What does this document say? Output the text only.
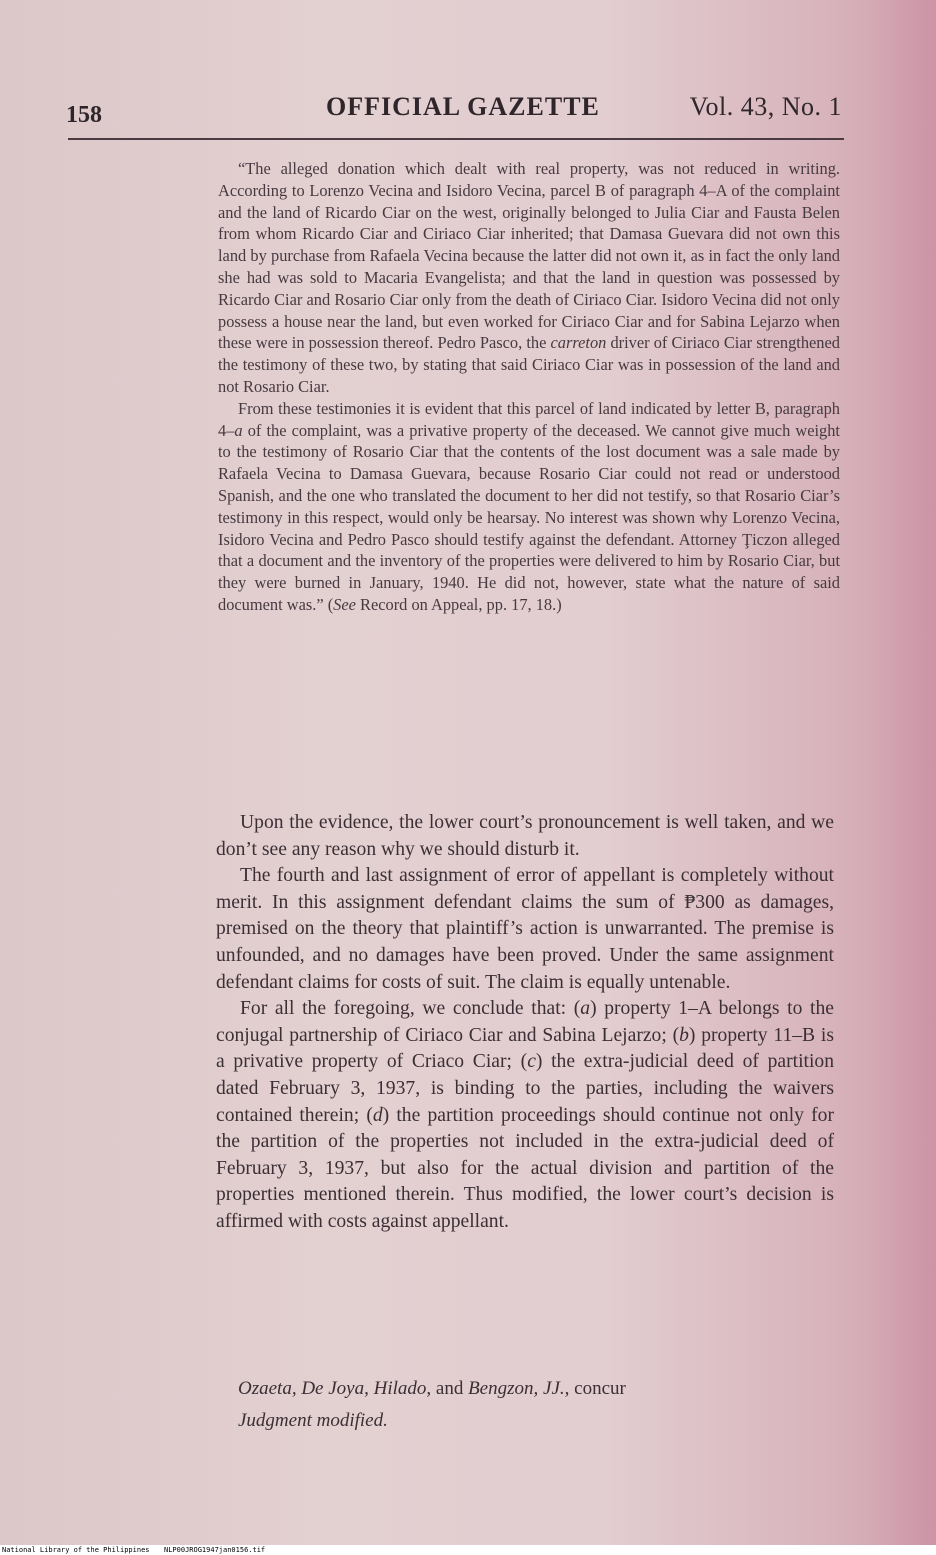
158	OFFICIAL GAZETTE	Vol. 43, No. 1

“The alleged donation which dealt with real property, was not reduced in writing. According to Lorenzo Vecina and Isidoro Vecina, parcel B of paragraph 4–A of the complaint and the land of Ricardo Ciar on the west, originally belonged to Julia Ciar and Fausta Belen from whom Ricardo Ciar and Ciriaco Ciar inherited; that Damasa Guevara did not own this land by purchase from Rafaela Vecina because the latter did not own it, as in fact the only land she had was sold to Macaria Evangelista; and that the land in question was possessed by Ricardo Ciar and Rosario Ciar only from the death of Ciriaco Ciar. Isidoro Vecina did not only possess a house near the land, but even worked for Ciriaco Ciar and for Sabina Lejarzo when these were in possession thereof. Pedro Pasco, the carreton driver of Ciriaco Ciar strengthened the testimony of these two, by stating that said Ciriaco Ciar was in possession of the land and not Rosario Ciar.

From these testimonies it is evident that this parcel of land indicated by letter B, paragraph 4–a of the complaint, was a privative property of the deceased. We cannot give much weight to the testimony of Rosario Ciar that the contents of the lost document was a sale made by Rafaela Vecina to Damasa Guevara, because Rosario Ciar could not read or understood Spanish, and the one who translated the document to her did not testify, so that Rosario Ciar’s testimony in this respect, would only be hearsay. No interest was shown why Lorenzo Vecina, Isidoro Vecina and Pedro Pasco should testify against the defendant. Attorney Ţiczon alleged that a document and the inventory of the properties were delivered to him by Rosario Ciar, but they were burned in January, 1940. He did not, however, state what the nature of said document was.” (See Record on Appeal, pp. 17, 18.)

Upon the evidence, the lower court’s pronouncement is well taken, and we don’t see any reason why we should disturb it.

The fourth and last assignment of error of appellant is completely without merit. In this assignment defendant claims the sum of ₱300 as damages, premised on the theory that plaintiff’s action is unwarranted. The premise is unfounded, and no damages have been proved. Under the same assignment defendant claims for costs of suit. The claim is equally untenable.

For all the foregoing, we conclude that: (a) property 1–A belongs to the conjugal partnership of Ciriaco Ciar and Sabina Lejarzo; (b) property 11–B is a privative property of Criaco Ciar; (c) the extra-judicial deed of partition dated February 3, 1937, is binding to the parties, including the waivers contained therein; (d) the partition proceedings should continue not only for the partition of the properties not included in the extra-judicial deed of February 3, 1937, but also for the actual division and partition of the properties mentioned therein. Thus modified, the lower court’s decision is affirmed with costs against appellant.

Ozaeta, De Joya, Hilado, and Bengzon, JJ., concur
Judgment modified.
National Library of the Philippines NLP00JROG1947jan0156.tif
